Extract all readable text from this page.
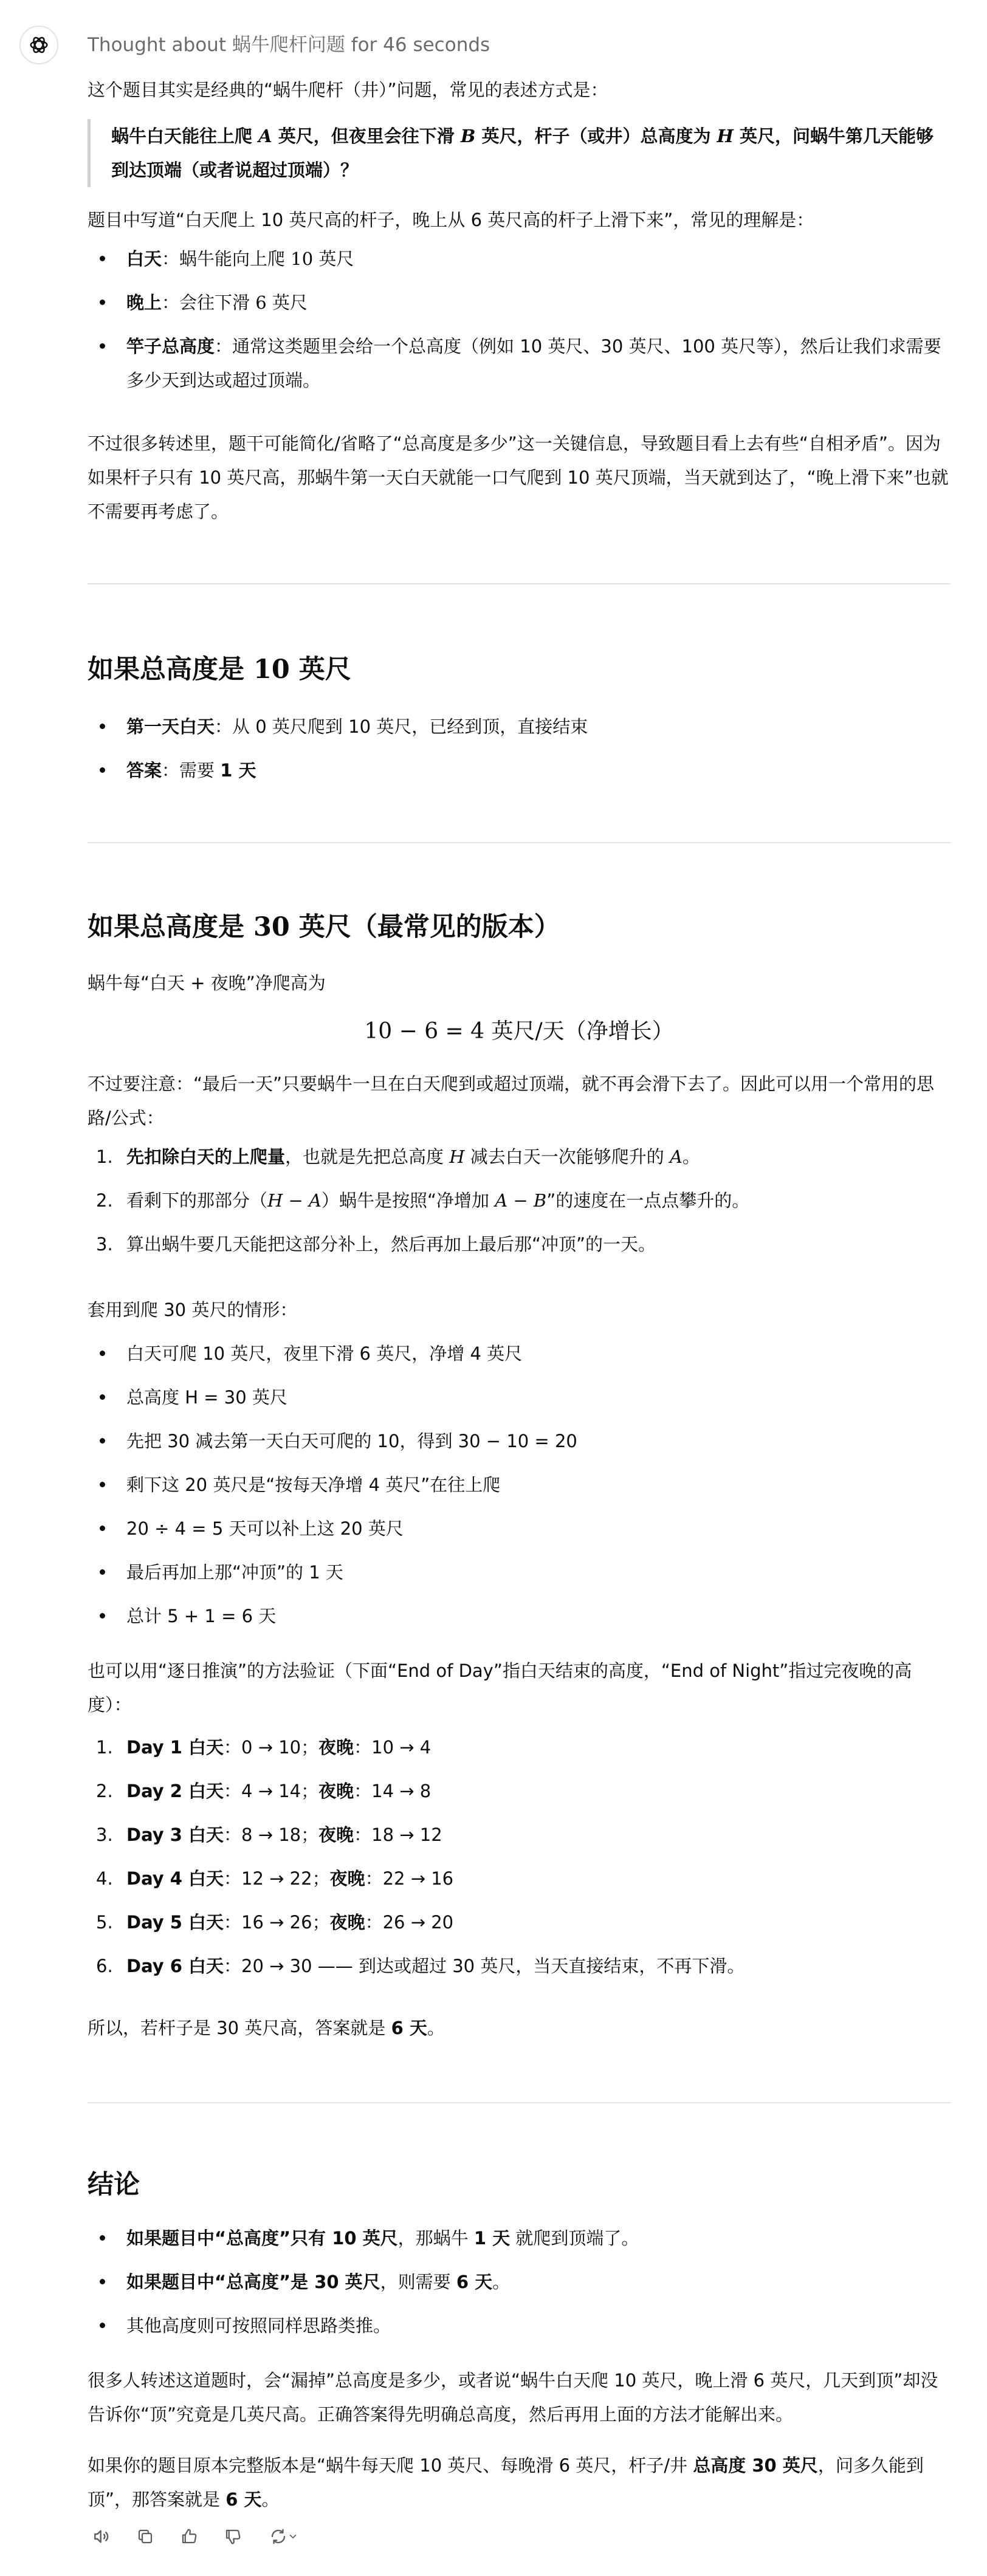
Thought about 蜗牛爬杆问题 for 46 seconds
这个题目其实是经典的“蜗牛爬杆（井）”问题，常见的表述方式是：
蜗牛白天能往上爬 A 英尺，但夜里会往下滑 B 英尺，杆子（或井）总高度为 H 英尺，问蜗牛第几天能够到达顶端（或者说超过顶端）？
题目中写道“白天爬上 10 英尺高的杆子，晚上从 6 英尺高的杆子上滑下来”，常见的理解是：
白天：蜗牛能向上爬 10 英尺
晚上：会往下滑 6 英尺
竿子总高度：通常这类题里会给一个总高度（例如 10 英尺、30 英尺、100 英尺等），然后让我们求需要多少天到达或超过顶端。
不过很多转述里，题干可能简化/省略了“总高度是多少”这一关键信息，导致题目看上去有些“自相矛盾”。因为如果杆子只有 10 英尺高，那蜗牛第一天白天就能一口气爬到 10 英尺顶端，当天就到达了，“晚上滑下来”也就不需要再考虑了。
如果总高度是 10 英尺
第一天白天：从 0 英尺爬到 10 英尺，已经到顶，直接结束
答案：需要 1 天
如果总高度是 30 英尺（最常见的版本）
蜗牛每“白天 + 夜晚”净爬高为
10 − 6 = 4 英尺/天（净增长）
不过要注意：“最后一天”只要蜗牛一旦在白天爬到或超过顶端，就不再会滑下去了。因此可以用一个常用的思路/公式：
1. 先扣除白天的上爬量，也就是先把总高度 H 减去白天一次能够爬升的 A。
2. 看剩下的那部分（H − A）蜗牛是按照“净增加 A − B”的速度在一点点攀升的。
3. 算出蜗牛要几天能把这部分补上，然后再加上最后那“冲顶”的一天。
套用到爬 30 英尺的情形：
白天可爬 10 英尺，夜里下滑 6 英尺，净增 4 英尺
总高度 H = 30 英尺
先把 30 减去第一天白天可爬的 10，得到 30 − 10 = 20
剩下这 20 英尺是“按每天净增 4 英尺”在往上爬
20 ÷ 4 = 5 天可以补上这 20 英尺
最后再加上那“冲顶”的 1 天
总计 5 + 1 = 6 天
也可以用“逐日推演”的方法验证（下面“End of Day”指白天结束的高度，“End of Night”指过完夜晚的高度）：
1. Day 1 白天：0 → 10；夜晚：10 → 4
2. Day 2 白天：4 → 14；夜晚：14 → 8
3. Day 3 白天：8 → 18；夜晚：18 → 12
4. Day 4 白天：12 → 22；夜晚：22 → 16
5. Day 5 白天：16 → 26；夜晚：26 → 20
6. Day 6 白天：20 → 30 —— 到达或超过 30 英尺，当天直接结束，不再下滑。
所以，若杆子是 30 英尺高，答案就是 6 天。
结论
如果题目中“总高度”只有 10 英尺，那蜗牛 1 天 就爬到顶端了。
如果题目中“总高度”是 30 英尺，则需要 6 天。
其他高度则可按照同样思路类推。
很多人转述这道题时，会“漏掉”总高度是多少，或者说“蜗牛白天爬 10 英尺，晚上滑 6 英尺，几天到顶”却没告诉你“顶”究竟是几英尺高。正确答案得先明确总高度，然后再用上面的方法才能解出来。
如果你的题目原本完整版本是“蜗牛每天爬 10 英尺、每晚滑 6 英尺，杆子/井 总高度 30 英尺，问多久能到顶”，那答案就是 6 天。
